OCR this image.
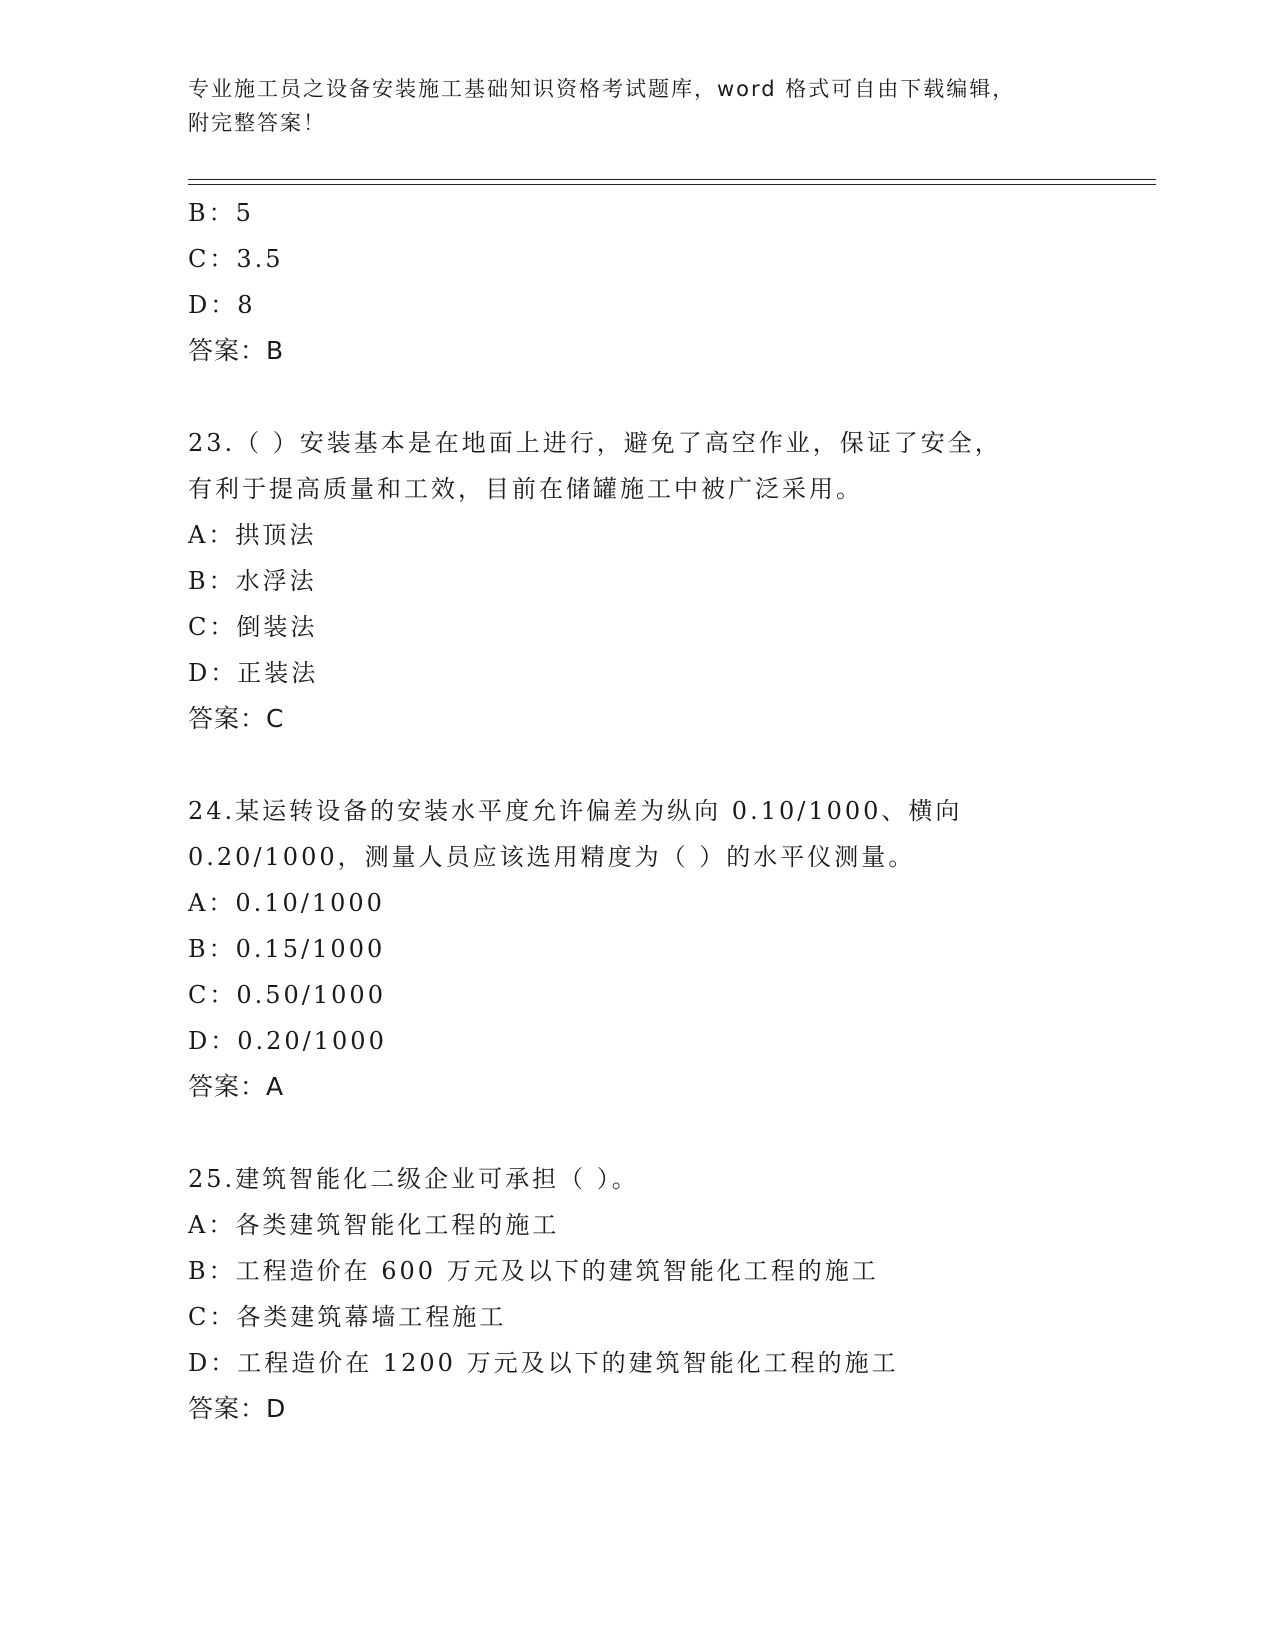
专业施工员之设备安装施工基础知识资格考试题库，word 格式可自由下载编辑，
附完整答案！
B：5
C：3.5
D：8
答案：B
23.（ ）安装基本是在地面上进行，避免了高空作业，保证了安全，
有利于提高质量和工效，目前在储罐施工中被广泛采用。
A：拱顶法
B：水浮法
C：倒装法
D：正装法
答案：C
24.某运转设备的安装水平度允许偏差为纵向 0.10/1000、横向
0.20/1000，测量人员应该选用精度为（ ）的水平仪测量。
A：0.10/1000
B：0.15/1000
C：0.50/1000
D：0.20/1000
答案：A
25.建筑智能化二级企业可承担（ ）。
A：各类建筑智能化工程的施工
B：工程造价在 600 万元及以下的建筑智能化工程的施工
C：各类建筑幕墙工程施工
D：工程造价在 1200 万元及以下的建筑智能化工程的施工
答案：D
